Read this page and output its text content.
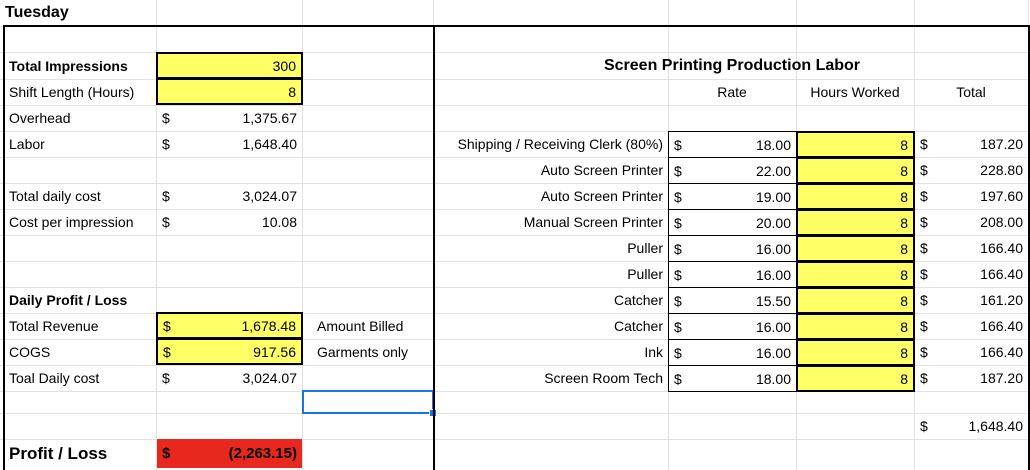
Tuesday
Total Impressions	300
Shift Length (Hours)	8
Overhead	$	1,375.67
Labor	$	1,648.40
Total daily cost	$	3,024.07
Cost per impression	$	10.08
Daily Profit / Loss
Total Revenue	$	1,678.48	Amount Billed
COGS	$	917.56	Garments only
Toal Daily cost	$	3,024.07
Profit / Loss	$	(2,263.15)
Screen Printing Production Labor
Rate	Hours Worked	Total
Shipping / Receiving Clerk (80%) $	18.00	8 $	187.20
Auto Screen Printer $	22.00	8 $	228.80
Auto Screen Printer $	19.00	8 $	197.60
Manual Screen Printer $	20.00	8 $	208.00
Puller $	16.00	8 $	166.40
Puller $	16.00	8 $	166.40
Catcher $	15.50	8 $	161.20
Catcher $	16.00	8 $	166.40
Ink $	16.00	8 $	166.40
Screen Room Tech $	18.00	8 $	187.20
$	1,648.40
